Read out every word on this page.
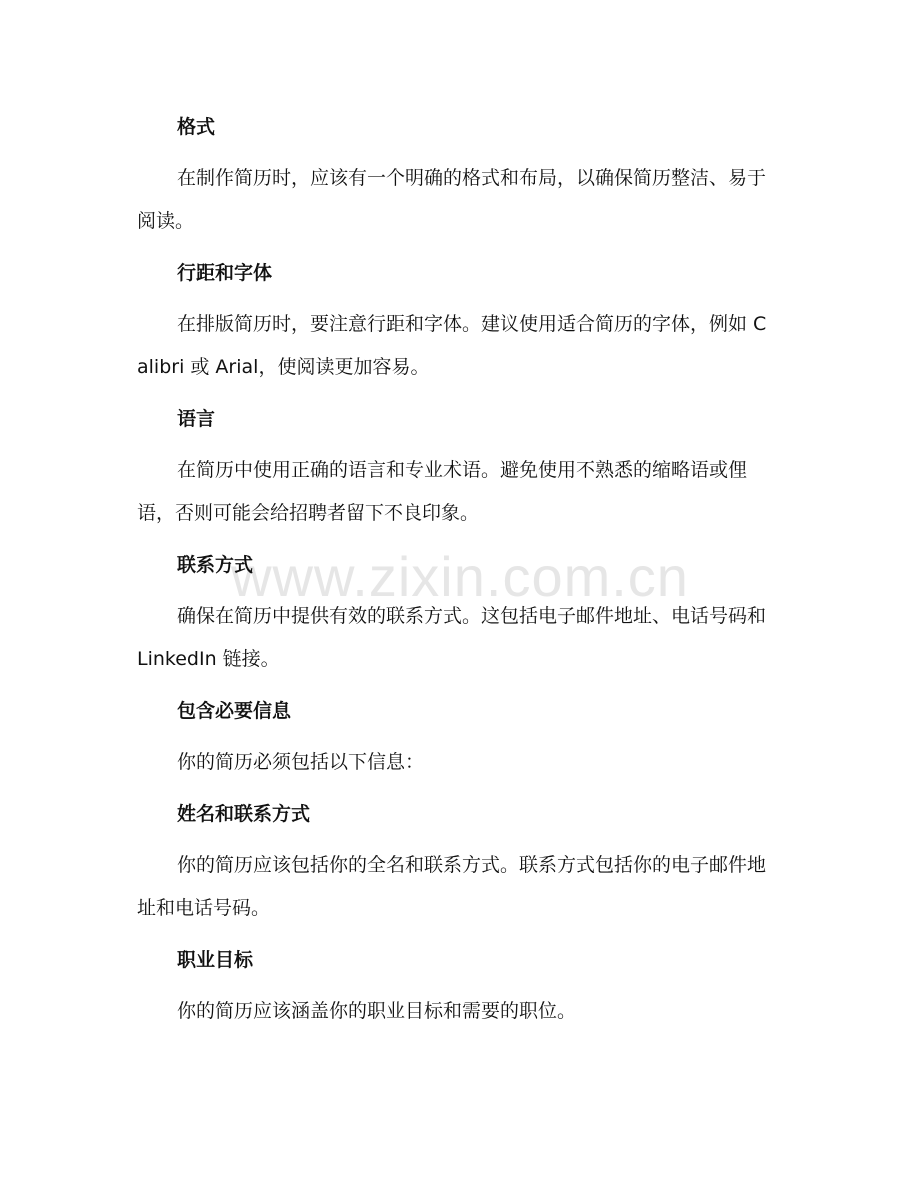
www.zixin.com.cn
格式
在制作简历时，应该有一个明确的格式和布局，以确保简历整洁、易于阅读。
行距和字体
在排版简历时，要注意行距和字体。建议使用适合简历的字体，例如 Calibri 或 Arial，使阅读更加容易。
语言
在简历中使用正确的语言和专业术语。避免使用不熟悉的缩略语或俚语，否则可能会给招聘者留下不良印象。
联系方式
确保在简历中提供有效的联系方式。这包括电子邮件地址、电话号码和 LinkedIn 链接。
包含必要信息
你的简历必须包括以下信息：
姓名和联系方式
你的简历应该包括你的全名和联系方式。联系方式包括你的电子邮件地址和电话号码。
职业目标
你的简历应该涵盖你的职业目标和需要的职位。
